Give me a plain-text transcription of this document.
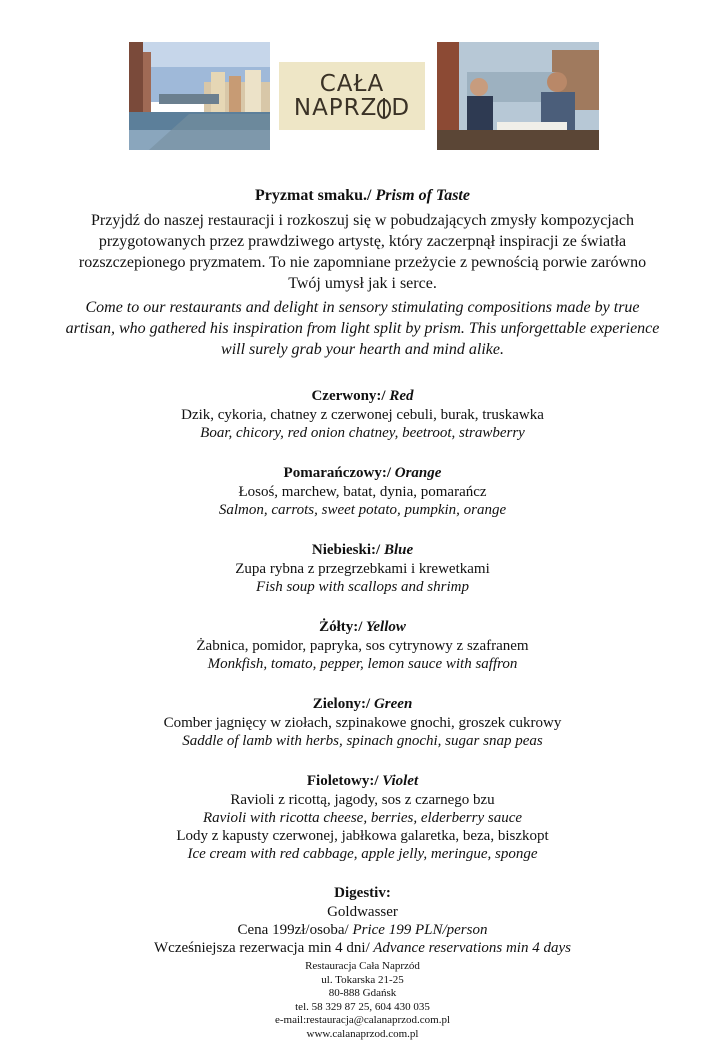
CAŁA
NAPRZ D
Pryzmat smaku./ Prism of Taste
Przyjdź do naszej restauracji i rozkoszuj się w pobudzających zmysły kompozycjach przygotowanych przez prawdziwego artystę, który zaczerpnął inspiracji ze światła rozszczepionego pryzmatem. To nie zapomniane przeżycie z pewnością porwie zarówno Twój umysł jak i serce.
Come to our restaurants and delight in sensory stimulating compositions made by true artisan, who gathered his inspiration from light split by prism. This unforgettable experience will surely grab your hearth and mind alike.
Czerwony:/ Red
Dzik, cykoria, chatney z czerwonej cebuli, burak, truskawka
Boar, chicory, red onion chatney, beetroot, strawberry
Pomarańczowy:/ Orange
Łosoś, marchew, batat, dynia, pomarańcz
Salmon, carrots, sweet potato, pumpkin, orange
Niebieski:/ Blue
Zupa rybna z przegrzebkami i krewetkami
Fish soup with scallops and shrimp
Żółty:/ Yellow
Żabnica, pomidor, papryka, sos cytrynowy z szafranem
Monkfish, tomato, pepper, lemon sauce with saffron
Zielony:/ Green
Comber jagnięcy w ziołach, szpinakowe gnochi, groszek cukrowy
Saddle of lamb with herbs, spinach gnochi, sugar snap peas
Fioletowy:/ Violet
Ravioli z ricottą, jagody, sos z czarnego bzu
Ravioli with ricotta cheese, berries, elderberry sauce
Lody z kapusty czerwonej, jabłkowa galaretka, beza, biszkopt
Ice cream with red cabbage, apple jelly, meringue, sponge
Digestiv:
Goldwasser
Cena 199zł/osoba/ Price 199 PLN/person
Wcześniejsza rezerwacja min 4 dni/ Advance reservations min 4 days
Restauracja Cała Naprzód
ul. Tokarska 21-25
80-888 Gdańsk
tel. 58 329 87 25, 604 430 035
e-mail:restauracja@calanaprzod.com.pl
www.calanaprzod.com.pl
